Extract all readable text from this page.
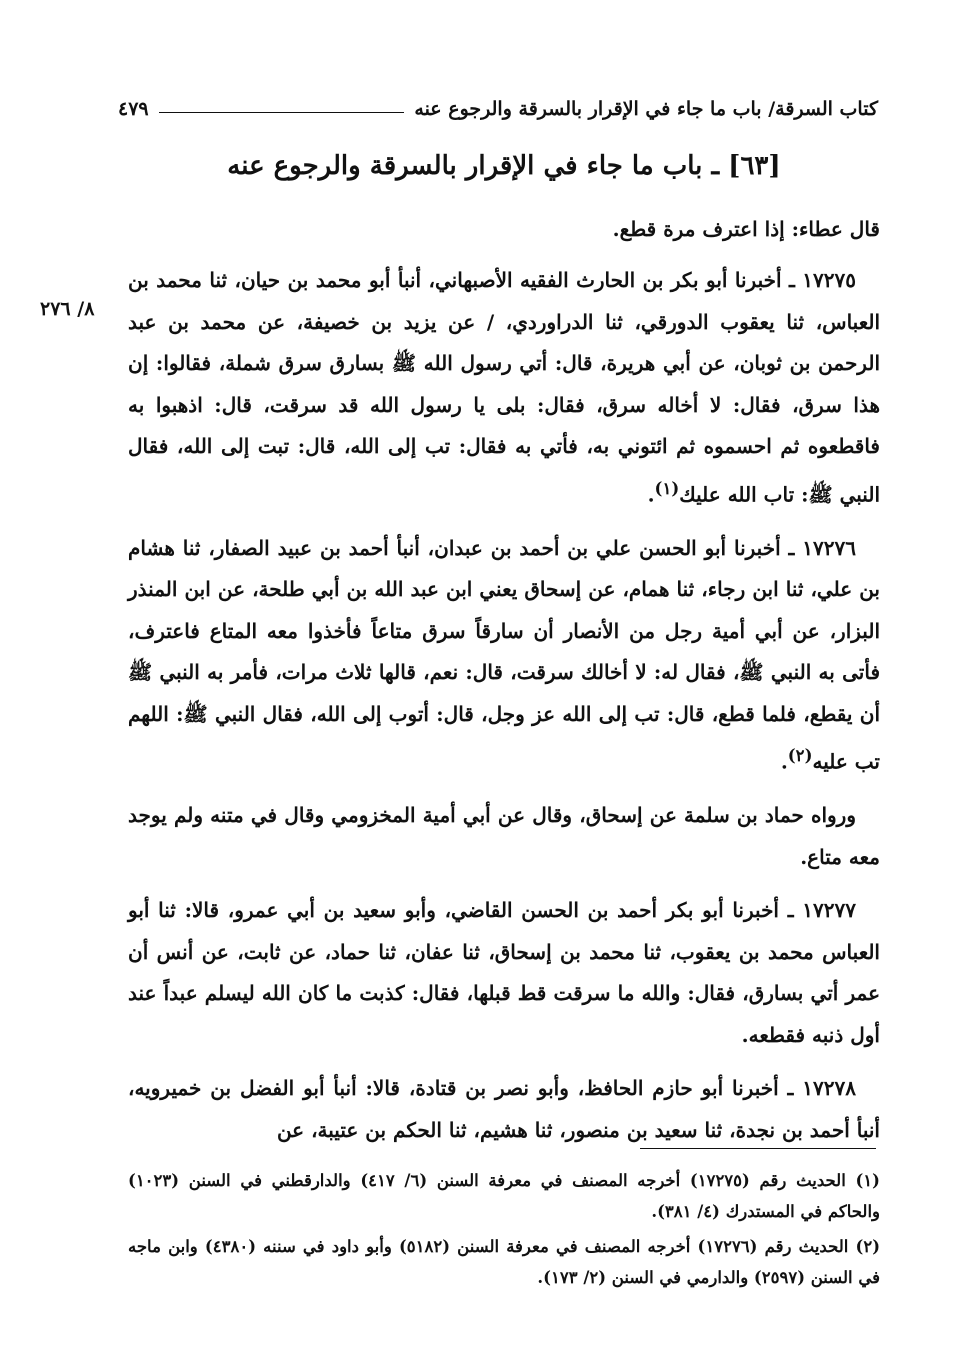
كتاب السرقة/ باب ما جاء في الإقرار بالسرقة والرجوع عنه
٤٧٩
٨/ ٢٧٦
[٦٣] ـ باب ما جاء في الإقرار بالسرقة والرجوع عنه

قال عطاء: إذا اعترف مرة قطع.

١٧٢٧٥ ـ أخبرنا أبو بكر بن الحارث الفقيه الأصبهاني، أنبأ أبو محمد بن حيان، ثنا محمد بن العباس، ثنا يعقوب الدورقي، ثنا الدراوردي، / عن يزيد بن خصيفة، عن محمد بن عبد الرحمن بن ثوبان، عن أبي هريرة، قال: أتي رسول الله ﷺ بسارق سرق شملة، فقالوا: إن هذا سرق، فقال: لا أخاله سرق، فقال: بلى يا رسول الله قد سرقت، قال: اذهبوا به فاقطعوه ثم احسموه ثم ائتوني به، فأتي به فقال: تب إلى الله، قال: تبت إلى الله، فقال النبي ﷺ: تاب الله عليك$^{(١)}$.

١٧٢٧٦ ـ أخبرنا أبو الحسن علي بن أحمد بن عبدان، أنبأ أحمد بن عبيد الصفار، ثنا هشام بن علي، ثنا ابن رجاء، ثنا همام، عن إسحاق يعني ابن عبد الله بن أبي طلحة، عن ابن المنذر البزار، عن أبي أمية رجل من الأنصار أن سارقاً سرق متاعاً فأخذوا معه المتاع فاعترف، فأتى به النبي ﷺ، فقال له: لا أخالك سرقت، قال: نعم، قالها ثلاث مرات، فأمر به النبي ﷺ أن يقطع، فلما قطع، قال: تب إلى الله عز وجل، قال: أتوب إلى الله، فقال النبي ﷺ: اللهم تب عليه$^{(٢)}$.

ورواه حماد بن سلمة عن إسحاق، وقال عن أبي أمية المخزومي وقال في متنه ولم يوجد معه متاع.

١٧٢٧٧ ـ أخبرنا أبو بكر أحمد بن الحسن القاضي، وأبو سعيد بن أبي عمرو، قالا: ثنا أبو العباس محمد بن يعقوب، ثنا محمد بن إسحاق، ثنا عفان، ثنا حماد، عن ثابت، عن أنس أن عمر أتي بسارق، فقال: والله ما سرقت قط قبلها، فقال: كذبت ما كان الله ليسلم عبداً عند أول ذنبه فقطعه.

١٧٢٧٨ ـ أخبرنا أبو حازم الحافظ، وأبو نصر بن قتادة، قالا: أنبأ أبو الفضل بن خميرويه، أنبأ أحمد بن نجدة، ثنا سعيد بن منصور، ثنا هشيم، ثنا الحكم بن عتيبة، عن

(١) الحديث رقم (١٧٢٧٥) أخرجه المصنف في معرفة السنن (٦/ ٤١٧) والدارقطني في السنن (١٠٢٣) والحاكم في المستدرك (٤/ ٣٨١).

(٢) الحديث رقم (١٧٢٧٦) أخرجه المصنف في معرفة السنن (٥١٨٢) وأبو داود في سننه (٤٣٨٠) وابن ماجه في السنن (٢٥٩٧) والدارمي في السنن (٢/ ١٧٣).
